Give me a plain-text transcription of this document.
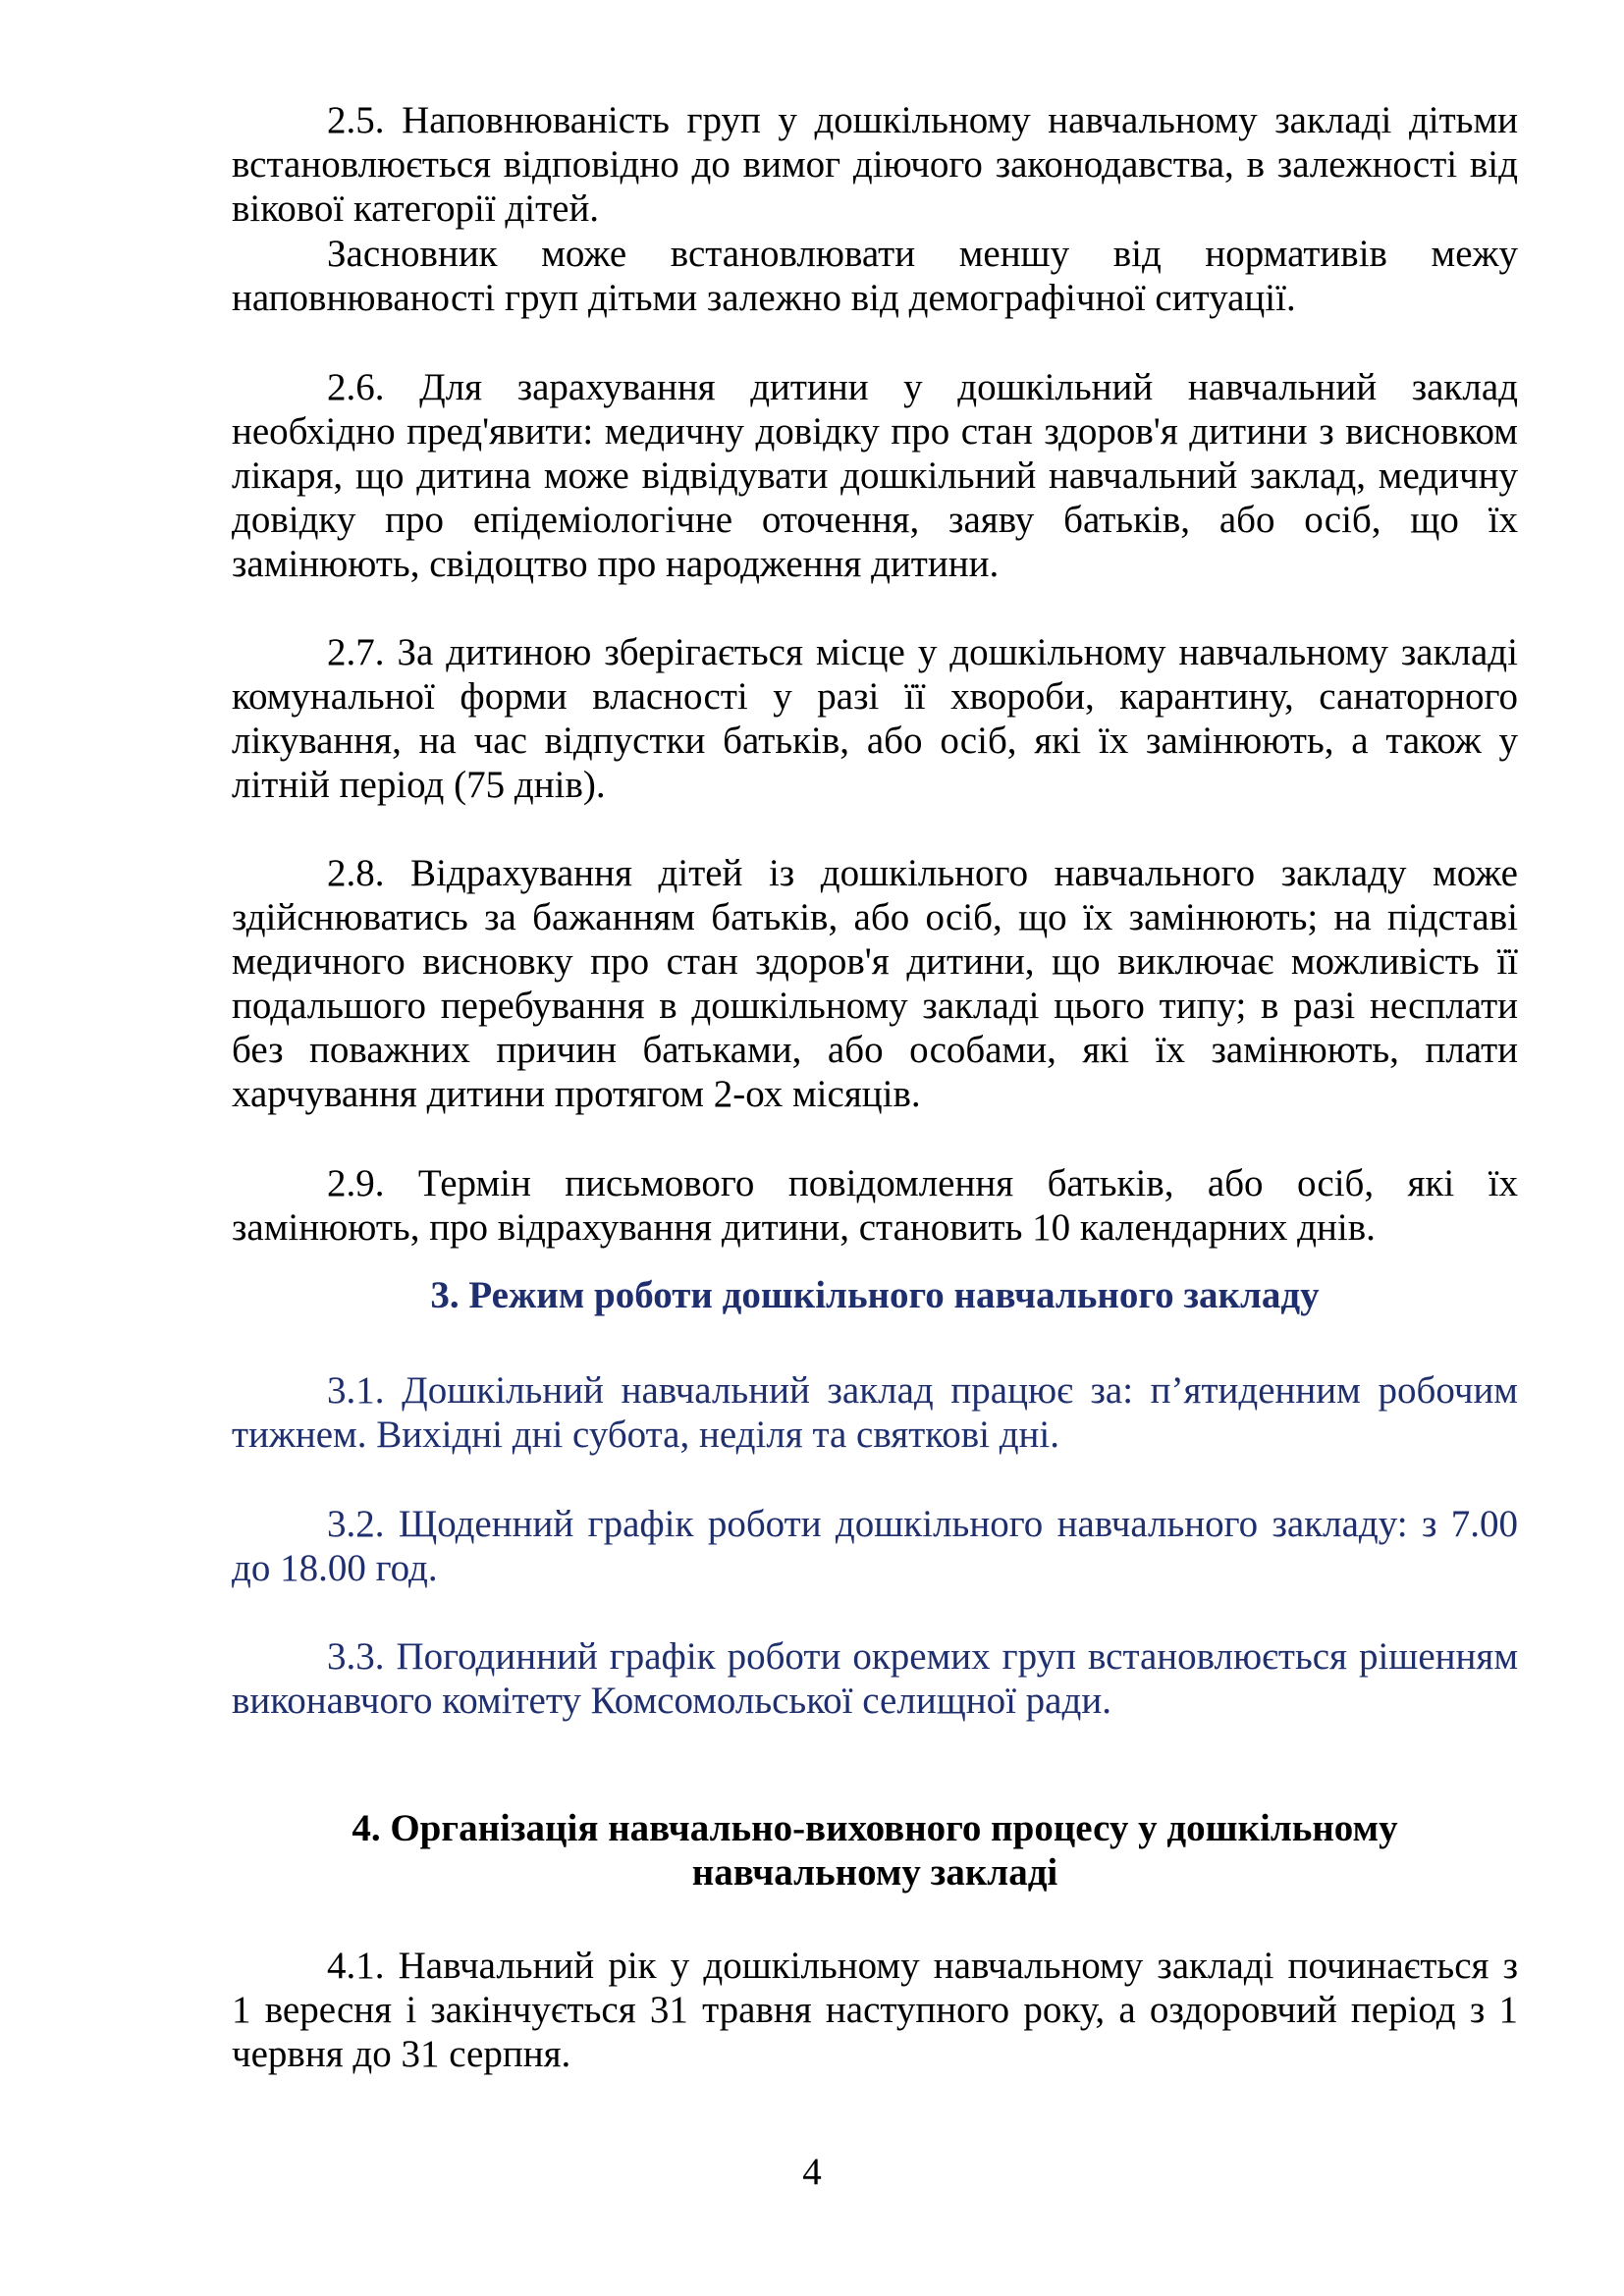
2.5. Наповнюваність груп у дошкільному навчальному закладі дітьми
встановлюється відповідно до вимог діючого законодавства, в залежності від
вікової категорії дітей.
Засновник може встановлювати меншу від нормативів межу
наповнюваності груп дітьми залежно від демографічної ситуації.
2.6. Для зарахування дитини у дошкільний навчальний заклад
необхідно пред'явити: медичну довідку про стан здоров'я дитини з висновком
лікаря, що дитина може відвідувати дошкільний навчальний заклад, медичну
довідку про епідеміологічне оточення, заяву батьків, або осіб, що їх
замінюють, свідоцтво про народження дитини.
2.7. За дитиною зберігається місце у дошкільному навчальному закладі
комунальної форми власності у разі її хвороби, карантину, санаторного
лікування, на час відпустки батьків, або осіб, які їх замінюють, а також у
літній період (75 днів).
2.8. Відрахування дітей із дошкільного навчального закладу може
здійснюватись за бажанням батьків, або осіб, що їх замінюють; на підставі
медичного висновку про стан здоров'я дитини, що виключає можливість її
подальшого перебування в дошкільному закладі цього типу; в разі несплати
без поважних причин батьками, або особами, які їх замінюють, плати
харчування дитини протягом 2-ох місяців.
2.9. Термін письмового повідомлення батьків, або осіб, які їх
замінюють, про відрахування дитини, становить 10 календарних днів.

3. Режим роботи дошкільного навчального закладу

3.1. Дошкільний навчальний заклад працює за: п’ятиденним робочим
тижнем. Вихідні дні субота, неділя та святкові дні.
3.2. Щоденний графік роботи дошкільного навчального закладу: з 7.00
до 18.00 год.
3.3. Погодинний графік роботи окремих груп встановлюється рішенням
виконавчого комітету Комсомольської селищної ради.

4. Організація навчально-виховного процесу у дошкільному

навчальному закладі

4.1. Навчальний рік у дошкільному навчальному закладі починається з
1 вересня і закінчується 31 травня наступного року, а оздоровчий період з 1
червня до 31 серпня.
4
